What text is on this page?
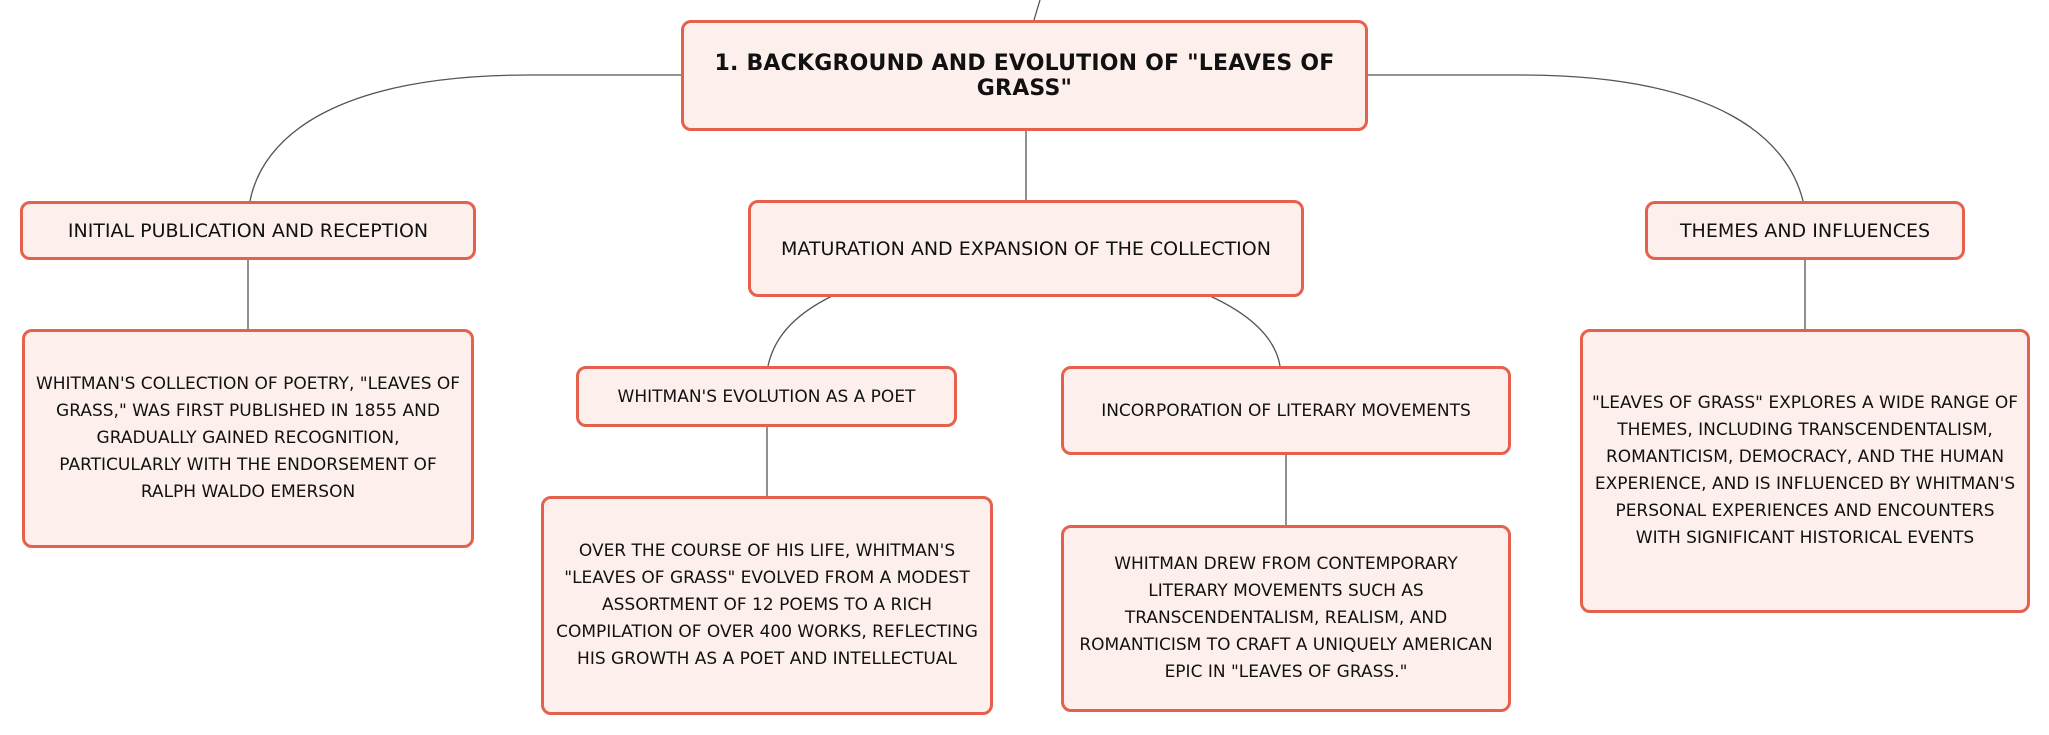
1. BACKGROUND AND EVOLUTION OF "LEAVES OF GRASS"
INITIAL PUBLICATION AND RECEPTION
WHITMAN'S COLLECTION OF POETRY, "LEAVES OF GRASS," WAS FIRST PUBLISHED IN 1855 AND GRADUALLY GAINED RECOGNITION, PARTICULARLY WITH THE ENDORSEMENT OF RALPH WALDO EMERSON
MATURATION AND EXPANSION OF THE COLLECTION
WHITMAN'S EVOLUTION AS A POET
OVER THE COURSE OF HIS LIFE, WHITMAN'S "LEAVES OF GRASS" EVOLVED FROM A MODEST ASSORTMENT OF 12 POEMS TO A RICH COMPILATION OF OVER 400 WORKS, REFLECTING HIS GROWTH AS A POET AND INTELLECTUAL
INCORPORATION OF LITERARY MOVEMENTS
WHITMAN DREW FROM CONTEMPORARY LITERARY MOVEMENTS SUCH AS TRANSCENDENTALISM, REALISM, AND ROMANTICISM TO CRAFT A UNIQUELY AMERICAN EPIC IN "LEAVES OF GRASS."
THEMES AND INFLUENCES
"LEAVES OF GRASS" EXPLORES A WIDE RANGE OF THEMES, INCLUDING TRANSCENDENTALISM, ROMANTICISM, DEMOCRACY, AND THE HUMAN EXPERIENCE, AND IS INFLUENCED BY WHITMAN'S PERSONAL EXPERIENCES AND ENCOUNTERS WITH SIGNIFICANT HISTORICAL EVENTS
